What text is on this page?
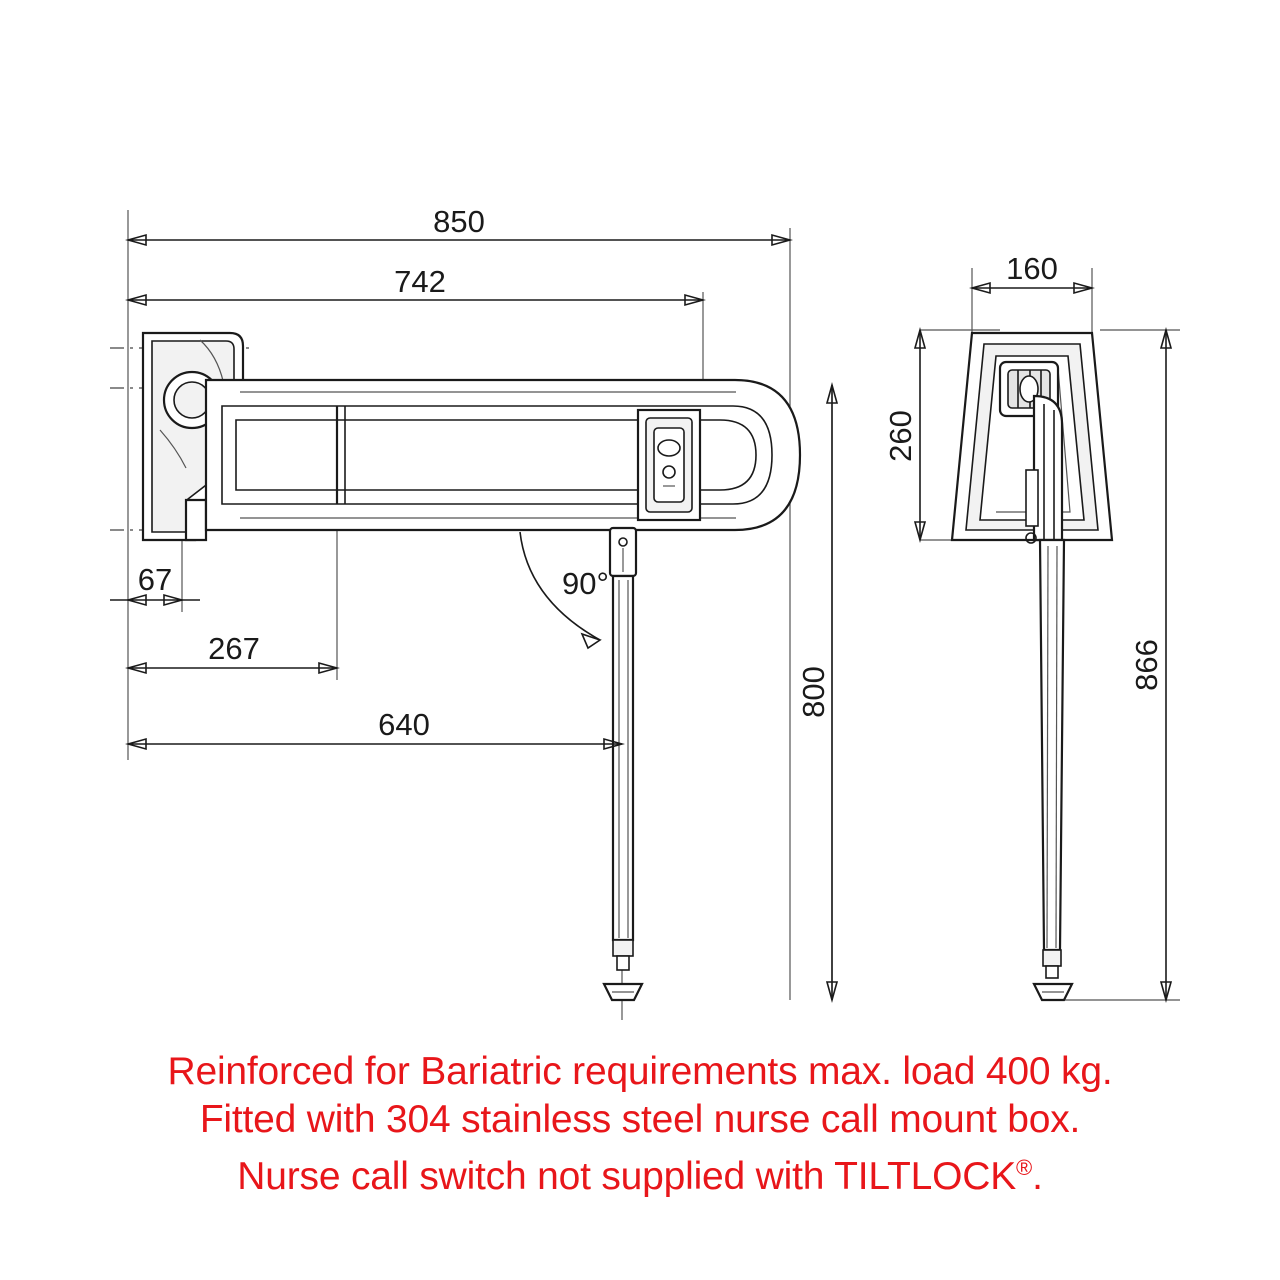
850
742
90°
67
267
640
800
160
260
866
Reinforced for Bariatric requirements max. load 400 kg.
Fitted with 304 stainless steel nurse call mount box.
Nurse call switch not supplied with TILTLOCK®.
